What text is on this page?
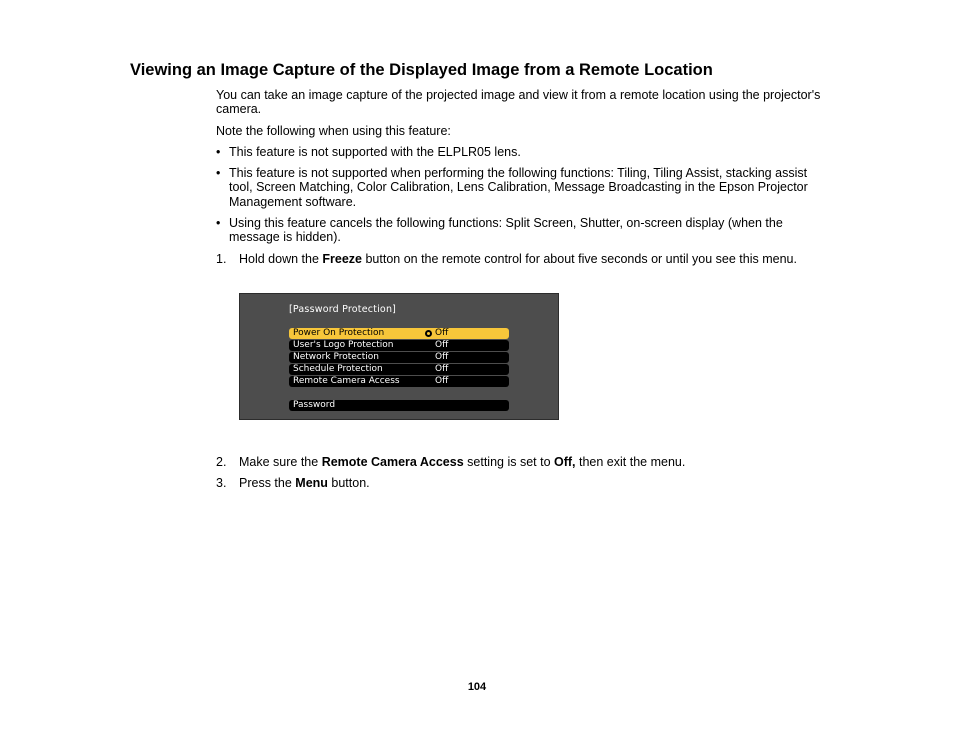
Viewing an Image Capture of the Displayed Image from a Remote Location

You can take an image capture of the projected image and view it from a remote location using the projector's camera.

Note the following when using this feature:

• This feature is not supported with the ELPLR05 lens.

• This feature is not supported when performing the following functions: Tiling, Tiling Assist, stacking assist tool, Screen Matching, Color Calibration, Lens Calibration, Message Broadcasting in the Epson Projector Management software.

• Using this feature cancels the following functions: Split Screen, Shutter, on-screen display (when the message is hidden).

1. Hold down the Freeze button on the remote control for about five seconds or until you see this menu.

[Password Protection]
Power On Protection	Off
User's Logo Protection	Off
Network Protection	Off
Schedule Protection	Off
Remote Camera Access	Off
Password
2. Make sure the Remote Camera Access setting is set to Off, then exit the menu.

3. Press the Menu button.

104
